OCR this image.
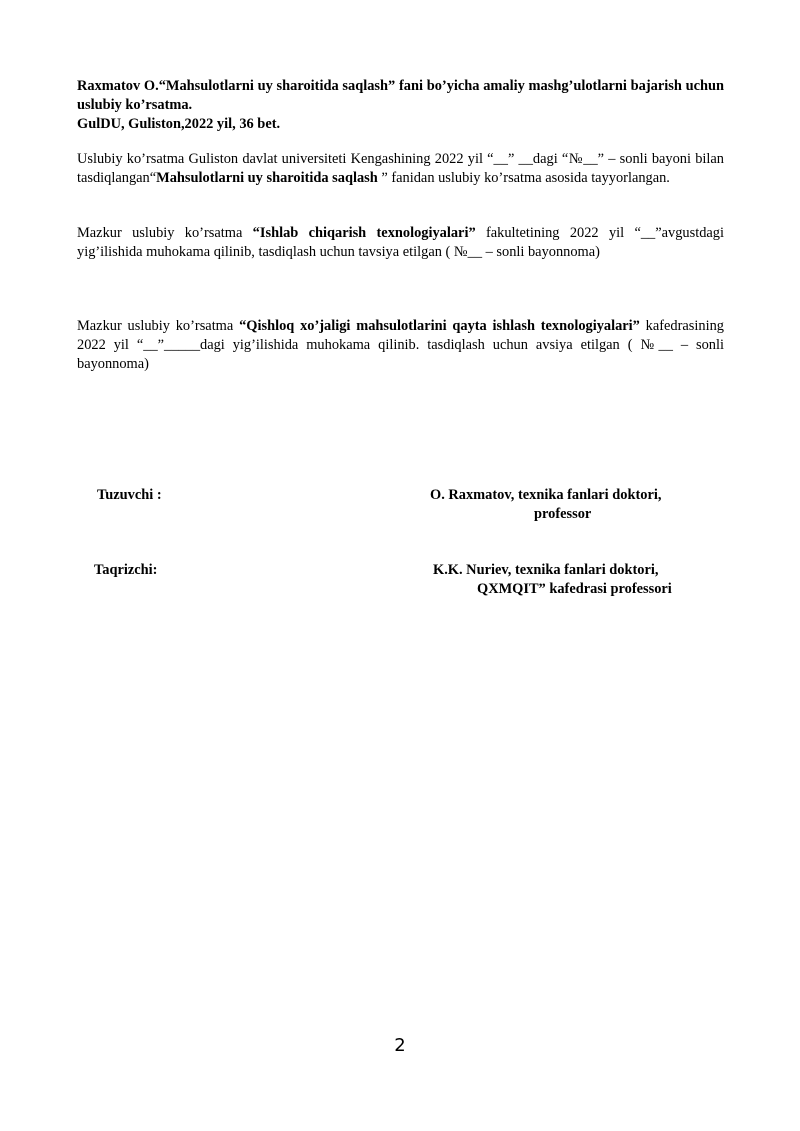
Raxmatov O.“Mahsulotlarni uy sharoitida saqlash” fani bo’yicha amaliy mashg’ulotlarni bajarish uchun uslubiy ko’rsatma.
GulDU, Guliston,2022 yil, 36 bet.
Uslubiy ko’rsatma Guliston davlat universiteti Kengashining 2022 yil “__” __dagi “№__” – sonli bayoni bilan tasdiqlangan“Mahsulotlarni uy sharoitida saqlash ” fanidan uslubiy ko’rsatma asosida tayyorlangan.
Mazkur uslubiy ko’rsatma “Ishlab chiqarish texnologiyalari” fakultetining 2022 yil “__”avgustdagi yig’ilishida muhokama qilinib, tasdiqlash uchun tavsiya etilgan ( №__ – sonli bayonnoma)
Mazkur uslubiy ko’rsatma “Qishloq xo’jaligi mahsulotlarini qayta ishlash texnologiyalari” kafedrasining 2022 yil “__”_____dagi yig’ilishida muhokama qilinib. tasdiqlash uchun avsiya etilgan ( №__ – sonli bayonnoma)
Tuzuvchi :	O. Raxmatov, texnika fanlari doktori,
professor
Taqrizchi:	K.K. Nuriev, texnika fanlari doktori,
QXMQIT” kafedrasi professori
2
